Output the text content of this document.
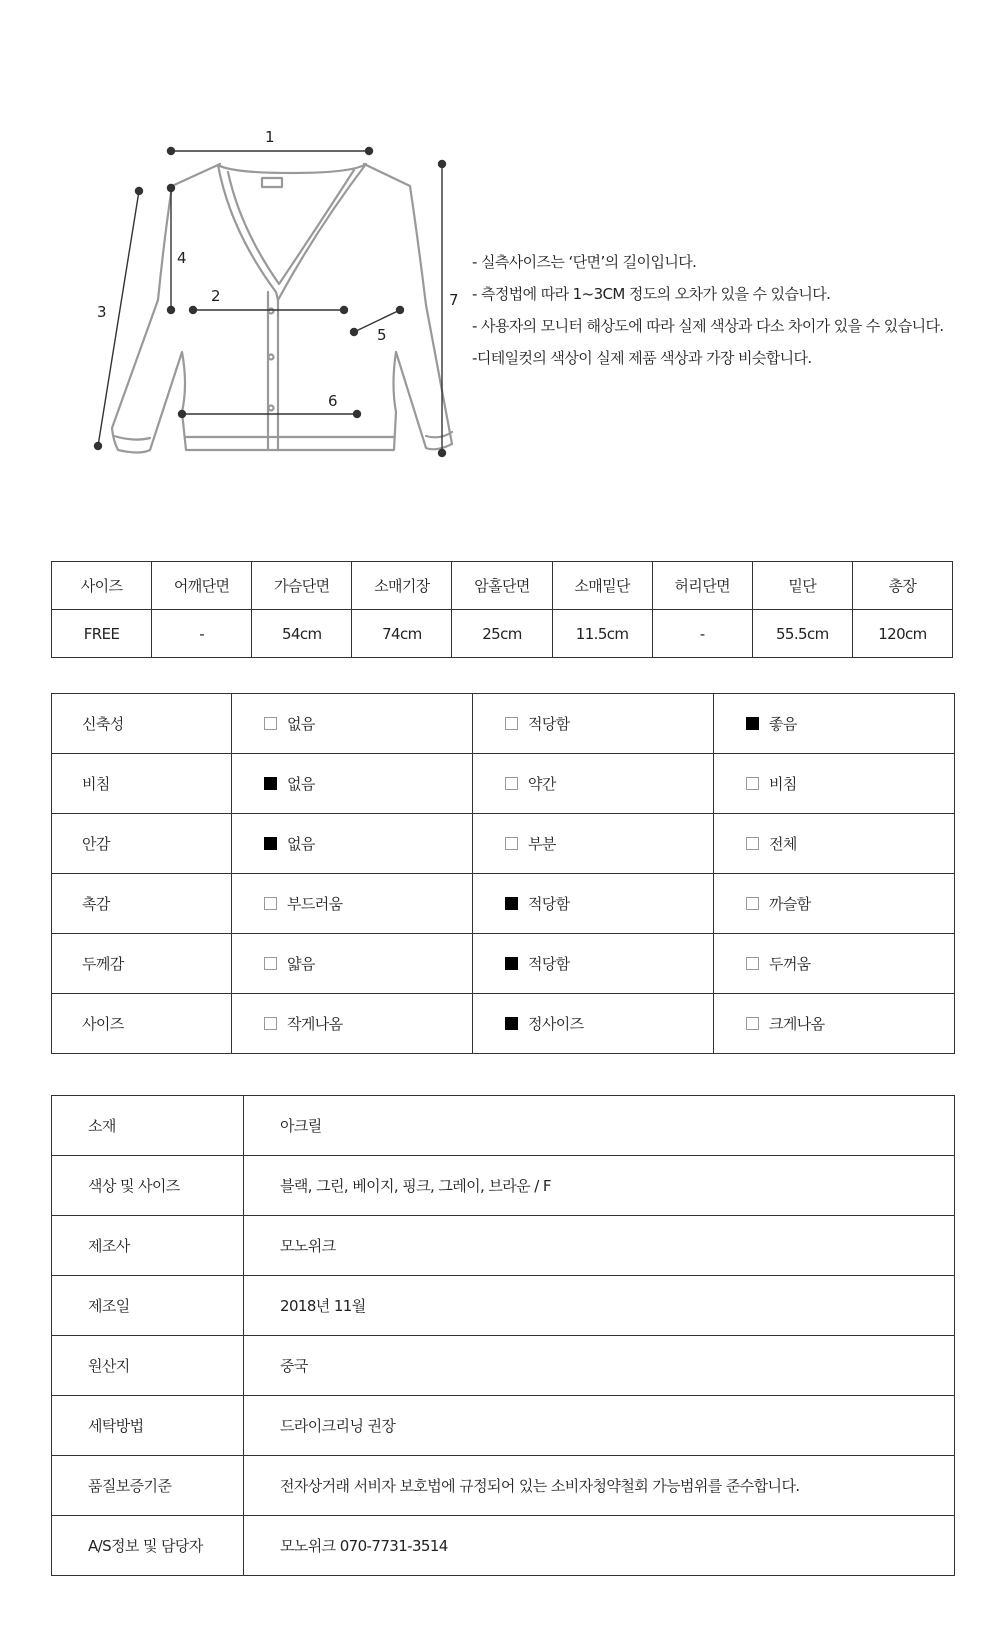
1
2
3
4
5
6
7
- 실측사이즈는 ‘단면’의 길이입니다.
- 측정법에 따라 1~3CM 정도의 오차가 있을 수 있습니다.
- 사용자의 모니터 해상도에 따라 실제 색상과 다소 차이가 있을 수 있습니다.
-디테일컷의 색상이 실제 제품 색상과 가장 비슷합니다.
사이즈	어깨단면	가슴단면	소매기장	암홀단면	소매밑단	허리단면	밑단	총장
FREE	-	54cm	74cm	25cm	11.5cm	-	55.5cm	120cm
신축성	없음	적당함	좋음
비침	없음	약간	비침
안감	없음	부분	전체
촉감	부드러움	적당함	까슬함
두께감	얇음	적당함	두꺼움
사이즈	작게나옴	정사이즈	크게나옴
소재	아크릴
색상 및 사이즈	블랙, 그린, 베이지, 핑크, 그레이, 브라운 / F
제조사	모노위크
제조일	2018년 11월
원산지	중국
세탁방법	드라이크리닝 권장
품질보증기준	전자상거래 서비자 보호법에 규정되어 있는 소비자청약철회 가능범위를 준수합니다.
A/S정보 및 담당자	모노위크 070-7731-3514
